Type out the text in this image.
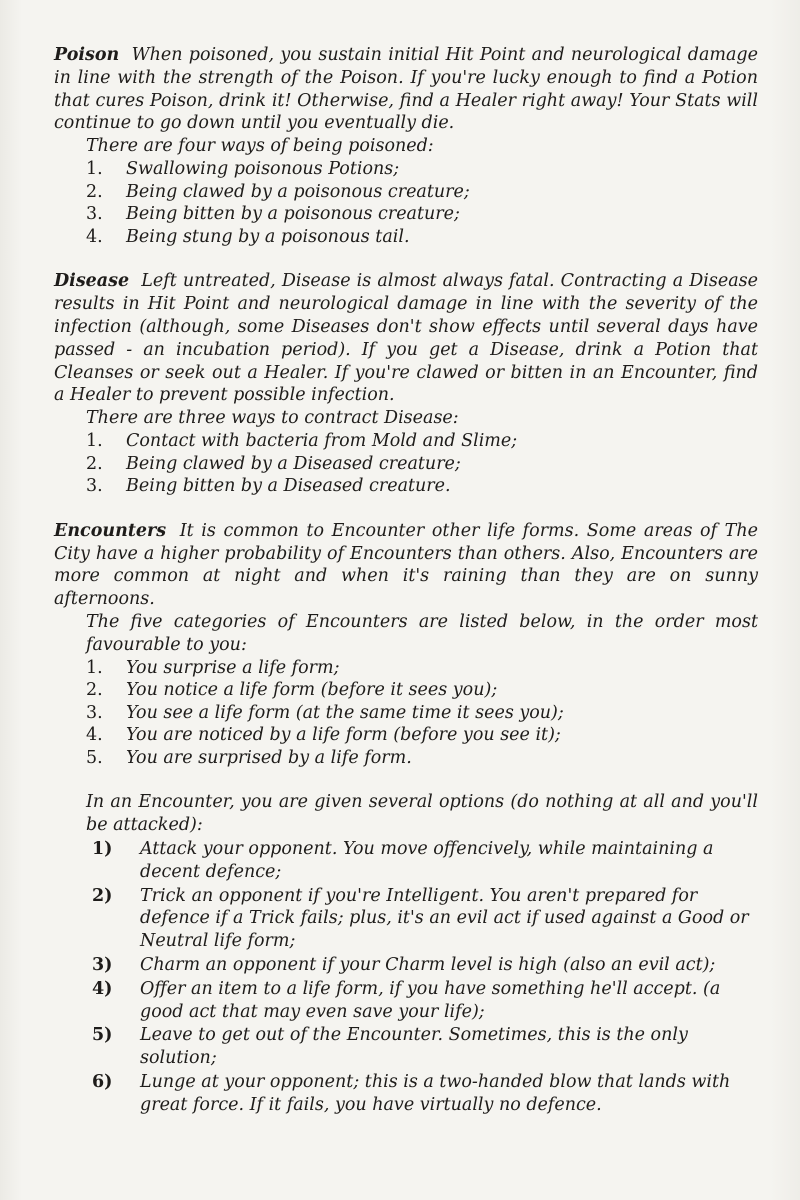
Poison When poisoned, you sustain initial Hit Point and neurological damage in line with the strength of the Poison. If you're lucky enough to find a Potion that cures Poison, drink it! Otherwise, find a Healer right away! Your Stats will continue to go down until you eventually die.

There are four ways of being poisoned:

1.	Swallowing poisonous Potions;
2.	Being clawed by a poisonous creature;
3.	Being bitten by a poisonous creature;
4.	Being stung by a poisonous tail.

Disease Left untreated, Disease is almost always fatal. Contracting a Disease results in Hit Point and neurological damage in line with the severity of the infection (although, some Diseases don't show effects until several days have passed - an incubation period). If you get a Disease, drink a Potion that Cleanses or seek out a Healer. If you're clawed or bitten in an Encounter, find a Healer to prevent possible infection.

There are three ways to contract Disease:

1.	Contact with bacteria from Mold and Slime;
2.	Being clawed by a Diseased creature;
3.	Being bitten by a Diseased creature.

Encounters It is common to Encounter other life forms. Some areas of The City have a higher probability of Encounters than others. Also, Encounters are more common at night and when it's raining than they are on sunny afternoons.

The five categories of Encounters are listed below, in the order most favourable to you:

1.	You surprise a life form;
2.	You notice a life form (before it sees you);
3.	You see a life form (at the same time it sees you);
4.	You are noticed by a life form (before you see it);
5.	You are surprised by a life form.

In an Encounter, you are given several options (do nothing at all and you'll be attacked):

1)	Attack your opponent. You move offencively, while maintaining a decent defence;
2)	Trick an opponent if you're Intelligent. You aren't prepared for defence if a Trick fails; plus, it's an evil act if used against a Good or Neutral life form;
3)	Charm an opponent if your Charm level is high (also an evil act);
4)	Offer an item to a life form, if you have something he'll accept. (a good act that may even save your life);
5)	Leave to get out of the Encounter. Sometimes, this is the only solution;
6)	Lunge at your opponent; this is a two-handed blow that lands with great force. If it fails, you have virtually no defence.
